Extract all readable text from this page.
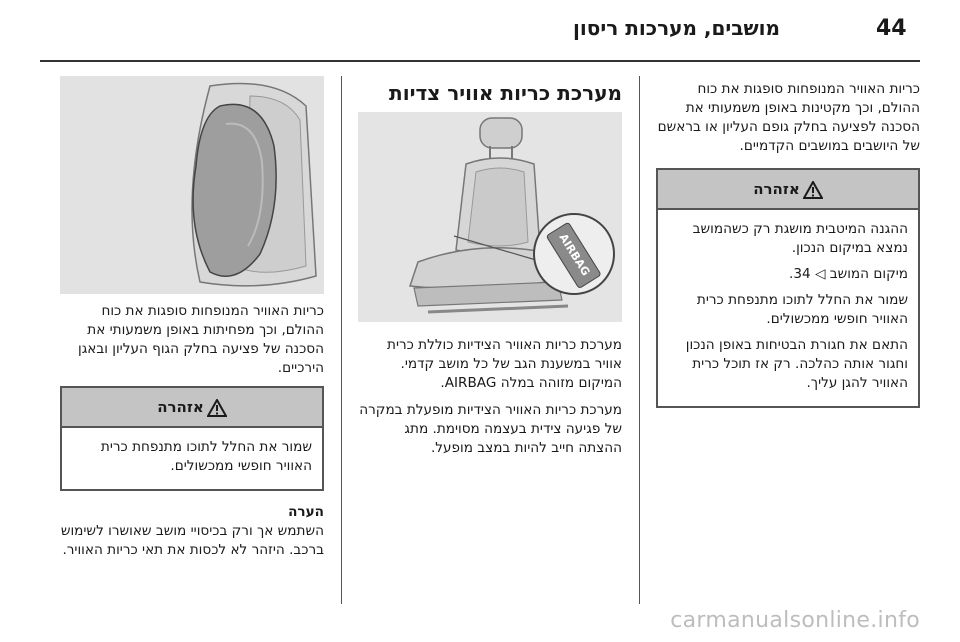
44
מושבים, מערכות ריסון

כריות האוויר המנופחות סופגות את כוח ההולם, וכך מקטינות באופן משמעותי את הסכנה לפציעה בחלק גופם העליון או בראשם של היושבים במושבים הקדמיים.

אזהרה

ההגנה המיטבית מושגת רק כשהמושב נמצא במיקום הנכון.

מיקום המושב ◁ 34.

שמור את החלל לתוכו מתנפחת כרית האוויר חופשי ממכשולים.

התאם את חגורת הבטיחות באופן הנכון וחגור אותה כהלכה. רק אז תוכל כרית האוויר להגן עליך.

מערכת כריות אוויר צדיות
AIRBAG

מערכת כריות האוויר הצידיות כוללת כרית אוויר במשענת הגב של כל מושב קדמי. המיקום מזוהה במלה AIRBAG.

מערכת כריות האוויר הצידיות מופעלת במקרה של פגיעה צידית בעצמה מסוימת. מתג ההצתה חייב להיות במצב מופעל.

כריות האוויר המנופחות סופגות את כוח ההולם, וכך מפחיתות באופן משמעותי את הסכנה של פציעה בחלק הגוף העליון ובאגן הירכיים.

אזהרה

שמור את החלל לתוכו מתנפחת כרית האוויר חופשי ממכשולים.

הערה

השתמש אך ורק בכיסויי מושב שאושרו לשימוש ברכב. היזהר לא לכסות את תאי כריות האוויר.

carmanualsonline.info
